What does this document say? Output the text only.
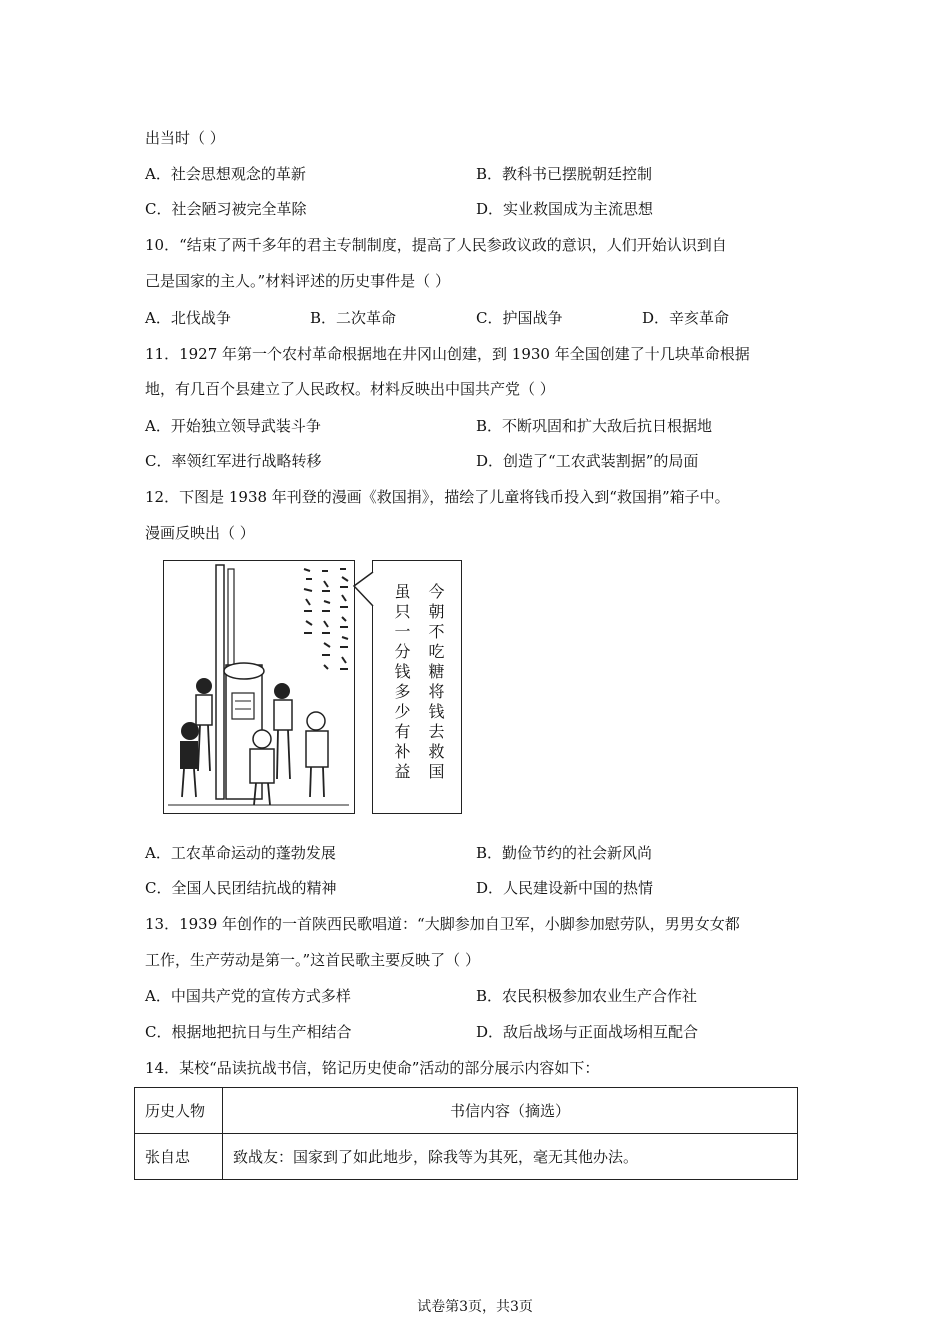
出当时（ ）
A．社会思想观念的革新	B．教科书已摆脱朝廷控制
C．社会陋习被完全革除	D．实业救国成为主流思想
10．“结束了两千多年的君主专制制度，提高了人民参政议政的意识，人们开始认识到自
己是国家的主人。”材料评述的历史事件是（ ）
A．北伐战争	B．二次革命	C．护国战争	D．辛亥革命
11．1927 年第一个农村革命根据地在井冈山创建，到 1930 年全国创建了十几块革命根据
地，有几百个县建立了人民政权。材料反映出中国共产党（ ）
A．开始独立领导武装斗争	B．不断巩固和扩大敌后抗日根据地
C．率领红军进行战略转移	D．创造了“工农武装割据”的局面
12．下图是 1938 年刊登的漫画《救国捐》，描绘了儿童将钱币投入到“救国捐”箱子中。
漫画反映出（ ）
今朝不吃糖将钱去救国
虽只一分钱多少有补益
A．工农革命运动的蓬勃发展	B．勤俭节约的社会新风尚
C．全国人民团结抗战的精神	D．人民建设新中国的热情
13．1939 年创作的一首陕西民歌唱道：“大脚参加自卫军，小脚参加慰劳队，男男女女都
工作，生产劳动是第一。”这首民歌主要反映了（ ）
A．中国共产党的宣传方式多样	B．农民积极参加农业生产合作社
C．根据地把抗日与生产相结合	D．敌后战场与正面战场相互配合
14．某校“品读抗战书信，铭记历史使命”活动的部分展示内容如下：
历史人物	书信内容（摘选）
张自忠	致战友：国家到了如此地步，除我等为其死，毫无其他办法。
试卷第3页，共3页
